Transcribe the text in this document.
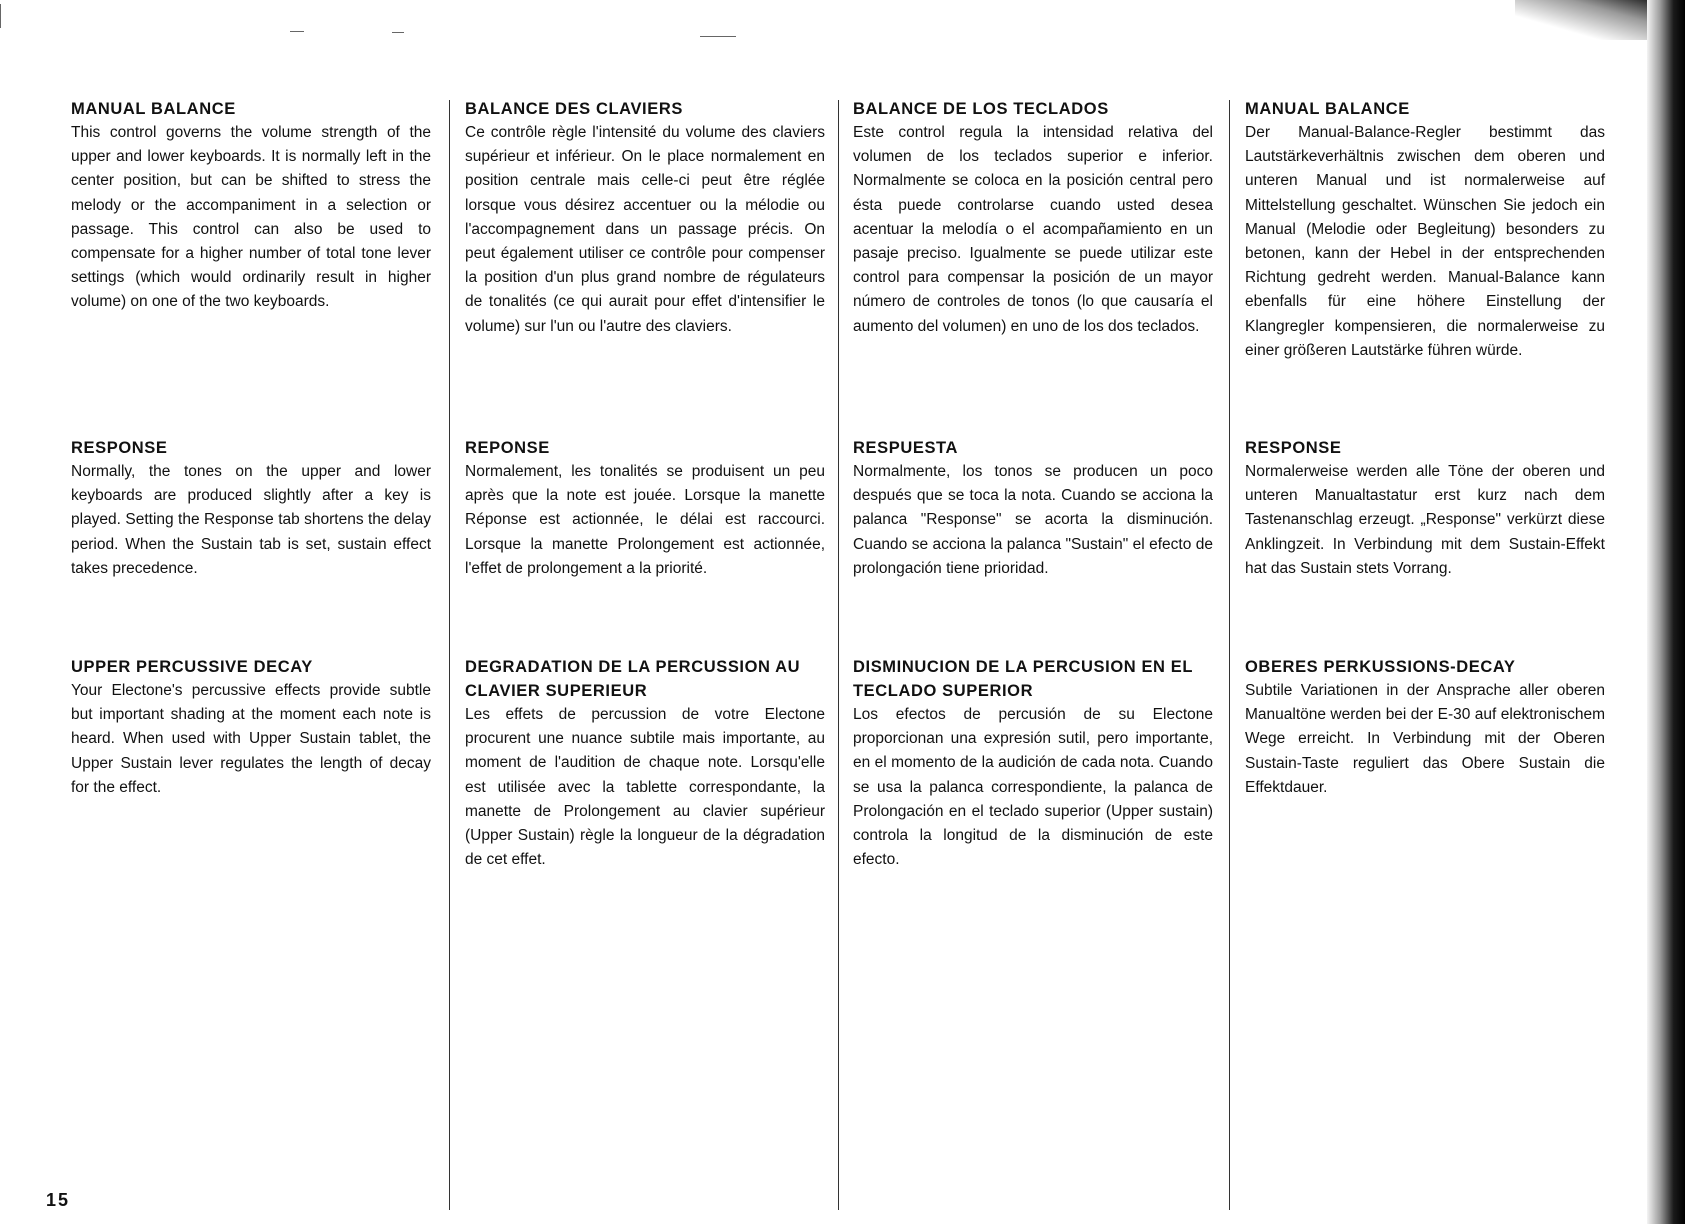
MANUAL BALANCE

This control governs the volume strength of the upper and lower keyboards. It is normally left in the center position, but can be shifted to stress the melody or the accompaniment in a selection or passage. This control can also be used to compensate for a higher number of total tone lever settings (which would ordinarily result in higher volume) on one of the two keyboards.

RESPONSE

Normally, the tones on the upper and lower keyboards are produced slightly after a key is played. Setting the Response tab shortens the delay period. When the Sustain tab is set, sustain effect takes precedence.

UPPER PERCUSSIVE DECAY

Your Electone's percussive effects provide subtle but important shading at the moment each note is heard. When used with Upper Sustain tablet, the Upper Sustain lever regulates the length of decay for the effect.

BALANCE DES CLAVIERS

Ce contrôle règle l'intensité du volume des claviers supérieur et inférieur. On le place normalement en position centrale mais celle-ci peut être réglée lorsque vous désirez accentuer ou la mélodie ou l'accompagnement dans un passage précis. On peut également utiliser ce contrôle pour compenser la position d'un plus grand nombre de régulateurs de tonalités (ce qui aurait pour effet d'intensifier le volume) sur l'un ou l'autre des claviers.

REPONSE

Normalement, les tonalités se produisent un peu après que la note est jouée. Lorsque la manette Réponse est actionnée, le délai est raccourci. Lorsque la manette Prolongement est actionnée, l'effet de prolongement a la priorité.

DEGRADATION DE LA PERCUSSION AU CLAVIER SUPERIEUR

Les effets de percussion de votre Electone procurent une nuance subtile mais importante, au moment de l'audition de chaque note. Lorsqu'elle est utilisée avec la tablette correspondante, la manette de Prolongement au clavier supérieur (Upper Sustain) règle la longueur de la dégradation de cet effet.

BALANCE DE LOS TECLADOS

Este control regula la intensidad relativa del volumen de los teclados superior e inferior. Normalmente se coloca en la posición central pero ésta puede controlarse cuando usted desea acentuar la melodía o el acompañamiento en un pasaje preciso. Igualmente se puede utilizar este control para compensar la posición de un mayor número de controles de tonos (lo que causaría el aumento del volumen) en uno de los dos teclados.

RESPUESTA

Normalmente, los tonos se producen un poco después que se toca la nota. Cuando se acciona la palanca "Response" se acorta la disminución. Cuando se acciona la palanca "Sustain" el efecto de prolongación tiene prioridad.

DISMINUCION DE LA PERCUSION EN EL TECLADO SUPERIOR

Los efectos de percusión de su Electone proporcionan una expresión sutil, pero importante, en el momento de la audición de cada nota. Cuando se usa la palanca correspondiente, la palanca de Prolongación en el teclado superior (Upper sustain) controla la longitud de la disminución de este efecto.

MANUAL BALANCE

Der Manual-Balance-Regler bestimmt das Lautstärkeverhältnis zwischen dem oberen und unteren Manual und ist normalerweise auf Mittelstellung geschaltet. Wünschen Sie jedoch ein Manual (Melodie oder Begleitung) besonders zu betonen, kann der Hebel in der entsprechenden Richtung gedreht werden. Manual-Balance kann ebenfalls für eine höhere Einstellung der Klangregler kompensieren, die normalerweise zu einer größeren Lautstärke führen würde.

RESPONSE

Normalerweise werden alle Töne der oberen und unteren Manualtastatur erst kurz nach dem Tastenanschlag erzeugt. „Response" verkürzt diese Anklingzeit. In Verbindung mit dem Sustain-Effekt hat das Sustain stets Vorrang.

OBERES PERKUSSIONS-DECAY

Subtile Variationen in der Ansprache aller oberen Manualtöne werden bei der E-30 auf elektronischem Wege erreicht. In Verbindung mit der Oberen Sustain-Taste reguliert das Obere Sustain die Effektdauer.

15
